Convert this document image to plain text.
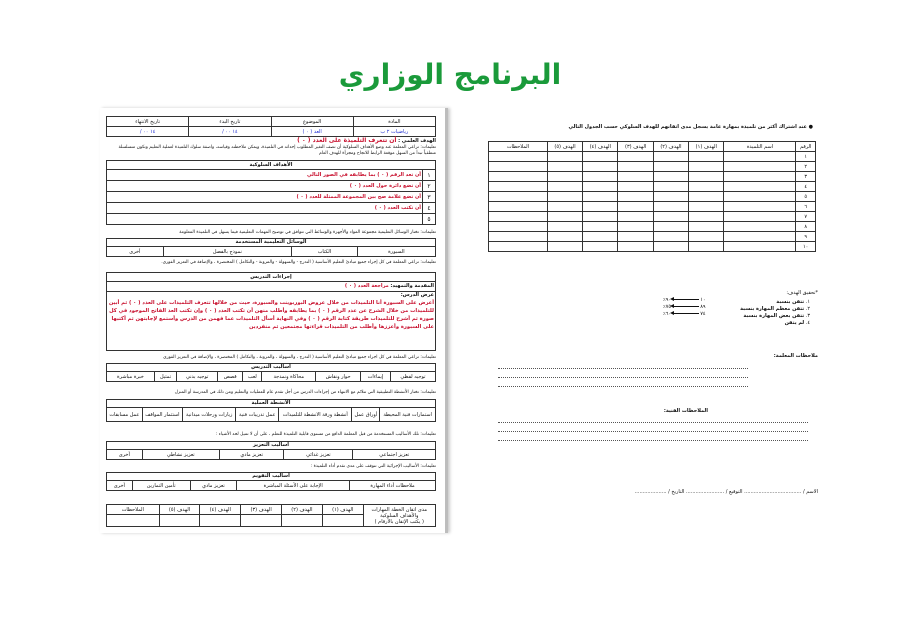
البرنامج الوزاري
تاريخ الانتهاء	تاريخ البدء	الموضوع	المادة
/ ١٤ ٠٠	/ ١٤ ٠٠	العد ( ٠ )	رياضيات ٢ ب
الهدف العلمي : أن تتعرف التلميذة على العدد ( ٠ )
تعليمات: تراعي المعلمة عند وضع الأهداف السلوكية أن تصف التغير المطلوب إحداثه في التلميذة، ويمكن ملاحظته وقياسه، واصفة سلوك التلميذة لعملية التعليم وتكون متسلسلة منطقياً تبدأ من السهل موقعة الرابط للانجاح ومجزأة للهدف العام
الأهداف السلوكية	
أن تعد الرقم ( ٠ ) بما يطابقه في الصور التالي	١
أن تضع دائرة حول العدد ( ٠ )	٢
أن تضع علامة صح بين المجموعة الممثلة للعدد ( ٠ )	٣
أن تكتب العدد ( ٠ )	٤
	٥
تعليمات: تختار الوسائل التعليمية مجموعة المواد والأجهزة والوسائط التي تتوافق في توضيح المهمات التعليمية فيما يسهل في التلميذة المعلومة
الوسائل التعليمية المستخدمة
أخرى	نموذج بالفصل	الكتاب	السبورة
تعليمات: تراعي المعلمة في كل إجراء جميع مبادئ التعليم الأساسية ( التدرج - والسهولة - والمرونة - والتكامل ) المختصرة ، والإضافة في التعزيز الفوري.
إجراءات التدريس
المقدمة والتمهيد: مراجعة العدد ( ٠ )

عرض الدرس:
أعرض على السبورة أنا التلميذات من خلال عروض البوربوينت والسبورة، حيث من خلالها تتعرف التلميذات على العدد ( ٠ ) ثم أبين للتلميذات من خلال الشرح عن عدد الرقم ( ٠ ) بما يطابقه وأطلب منهن أن تكتب العدد ( ٠ ) وإن تكتب العد الفاتح الموجود في كل صورة ثم أشرح للتلميذات طريقة كتابة الرقم ( ٠ ) وفي النهاية أسأل التلميذات عما فهمن من الدرس وأستمع لإجابتهن ثم أكتبها على السبورة وأعززها وأطلب من التلميذات قراءتها مجتمعين ثم منفردين
تعليمات: تراعي المعلمة في كل اجراء جميع مبادئ التعليم الأساسية ( التدرج ، والسهولة ، والمرونة ، والتكامل ) المختصرة ، والإضافة في التعزيز الفوري
أساليب التدريس
خبرة مباشرة	تمثيل	توجيه بدني	قصص	لعب	محاكاة ونمذجة	حوار ونقاش	إيماءات	توجيه لفظي
تعليمات: تختار الأنشطة التطبيقية التي تتلائم مع الانتهاء من إجراءات الدرس من أجل تقدم عام للعمليات والتعليم ومن ذلك في المدرسة أو المنزل
الأنشطة العملية
عمل مسابقات	استثمار المواقف	زيارات ورحلات ميدانية	عمل تدريبات فنية	أنشطة ورقة الانشطة للتلميذات	أوراق عمل	استمارات فنية المحيطة
تعليمات: نلك الأساليب المستخدمة من قبل المعلمة الدافع من مستوى قابلية التلميذة للتعلم ، على أن لا تميل لحد الأشياء :
أساليب التعزيز
أخرى	تعزيز نشاطي	تعزيز مادي	تعزيز غذائي	تعزيز اجتماعي
تعليمات: الأساليب الإجرائية التي تتوقف على مدى تقدم أداء التلميذة :
أساليب التقويم
أخرى	تأمين التمارين	تعزيز مادي	الإجابة على الأسئلة المباشرة	ملاحظات أداء المهارة
الملاحظات	الهدف (٥)	الهدف (٤)	الهدف (٣)	الهدف (٢)	الهدف (١)	مدى اتقان الخطة المهارات والأهداف السلوكية
( يكتب الإتقان بالأرقام )

● عند اشتراك أكثر من تلميذة بمهارة عامة يسجل مدى اتقانهم للهدف السلوكي حسب الجدول التالي
الملاحظات	الهدف (٥)	الهدف (٤)	الهدف (٣)	الهدف (٢)	الهدف (١)	اسم التلميذة	الرقم
							١
							٢
							٣
							٤
							٥
							٦
							٧
							٨
							٩
							١٠
*تحقيق الهدف:
١. تتقن بنسبة
٢. تتقن معظم المهارة بنسبة
٣. تتقن بعض المهارة بنسبة
٤. لم يتقن
٪١٠  ٩٠
٪٨٩  ٧٥
٪٧٤  ٦٠
ملاحظات المعلمة:
الملاحظات الفنية:
الاسم / .................................... التوقيع / ........................ التاريخ / ....................
